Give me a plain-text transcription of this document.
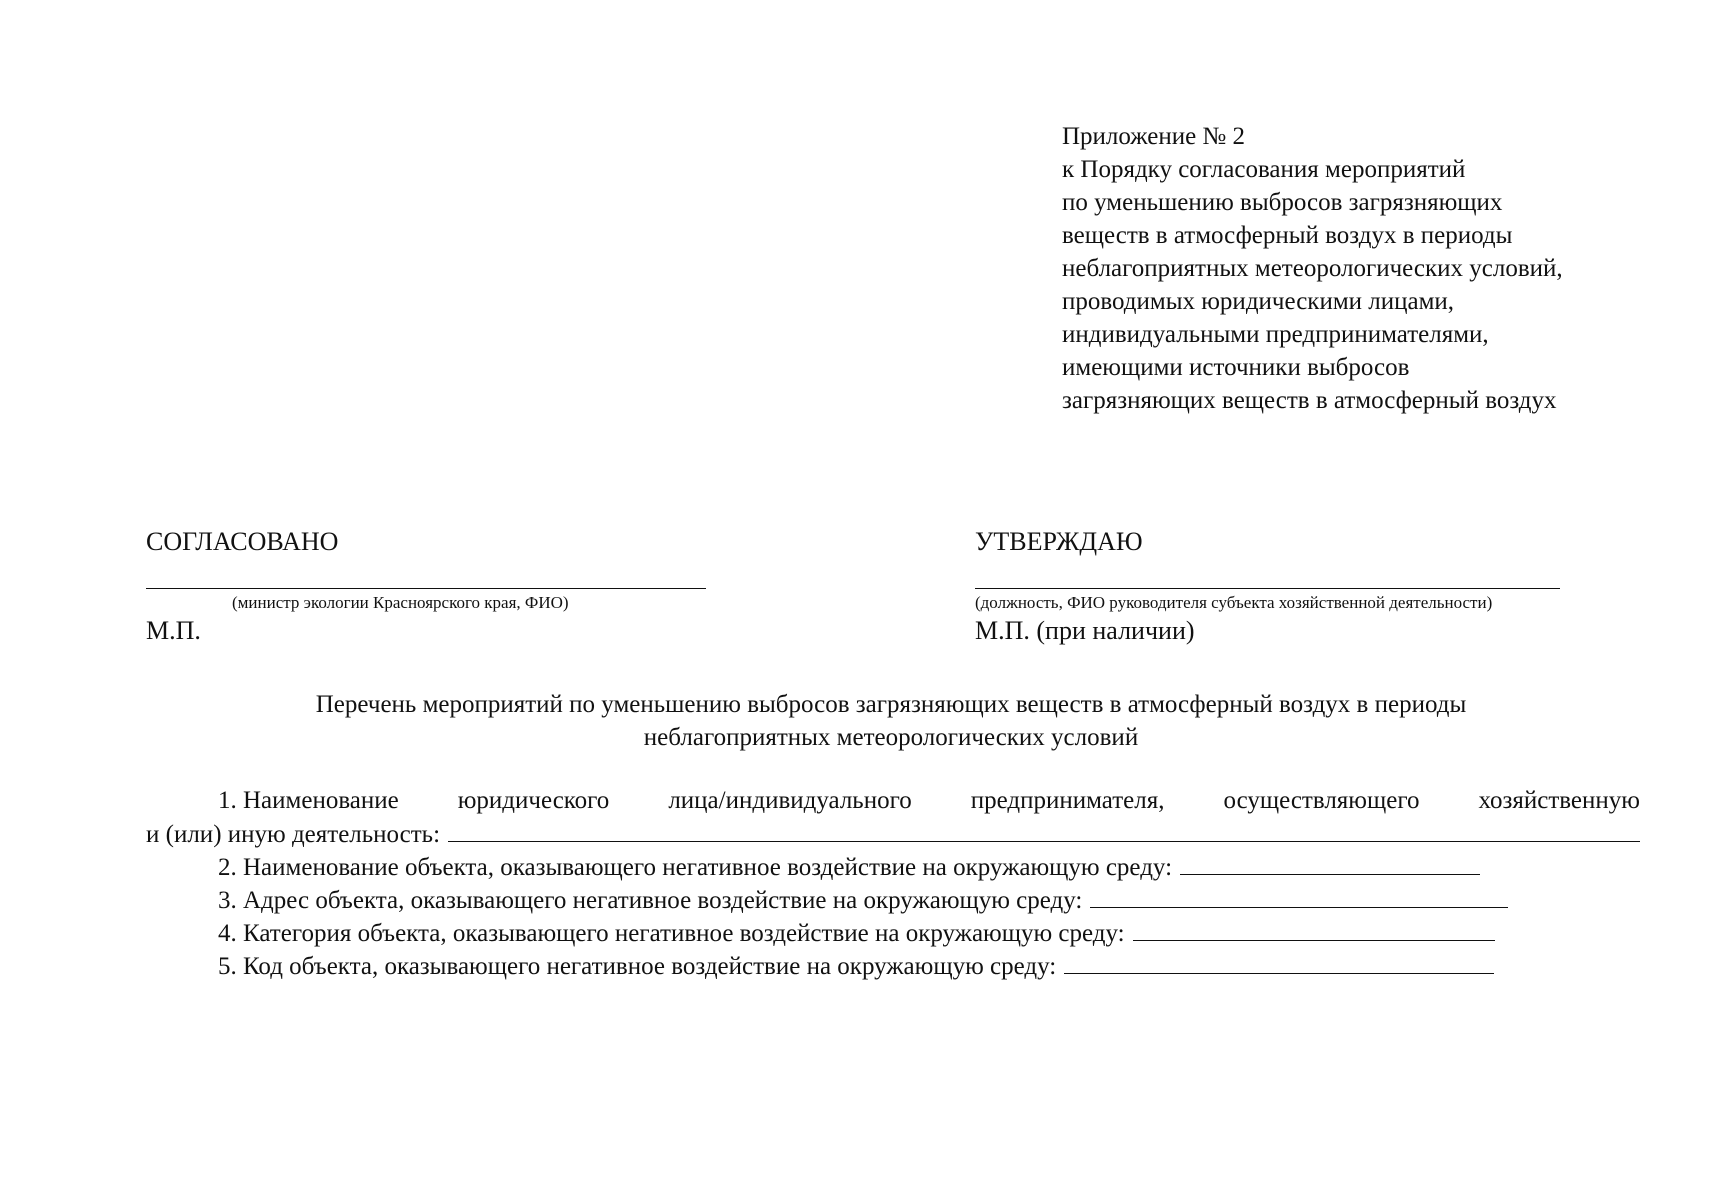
Приложение № 2
к Порядку согласования мероприятий
по уменьшению выбросов загрязняющих
веществ в атмосферный воздух в периоды
неблагоприятных метеорологических условий,
проводимых юридическими лицами,
индивидуальными предпринимателями,
имеющими источники выбросов
загрязняющих веществ в атмосферный воздух
СОГЛАСОВАНО
(министр экологии Красноярского края, ФИО)
М.П.
УТВЕРЖДАЮ
(должность, ФИО руководителя субъекта хозяйственной деятельности)
М.П. (при наличии)
Перечень мероприятий по уменьшению выбросов загрязняющих веществ в атмосферный воздух в периоды
неблагоприятных метеорологических условий
1. Наименование юридического лица/индивидуального предпринимателя, осуществляющего хозяйственную
и (или) иную деятельность:
2. Наименование объекта, оказывающего негативное воздействие на окружающую среду:
3. Адрес объекта, оказывающего негативное воздействие на окружающую среду:
4. Категория объекта, оказывающего негативное воздействие на окружающую среду:
5. Код объекта, оказывающего негативное воздействие на окружающую среду:
